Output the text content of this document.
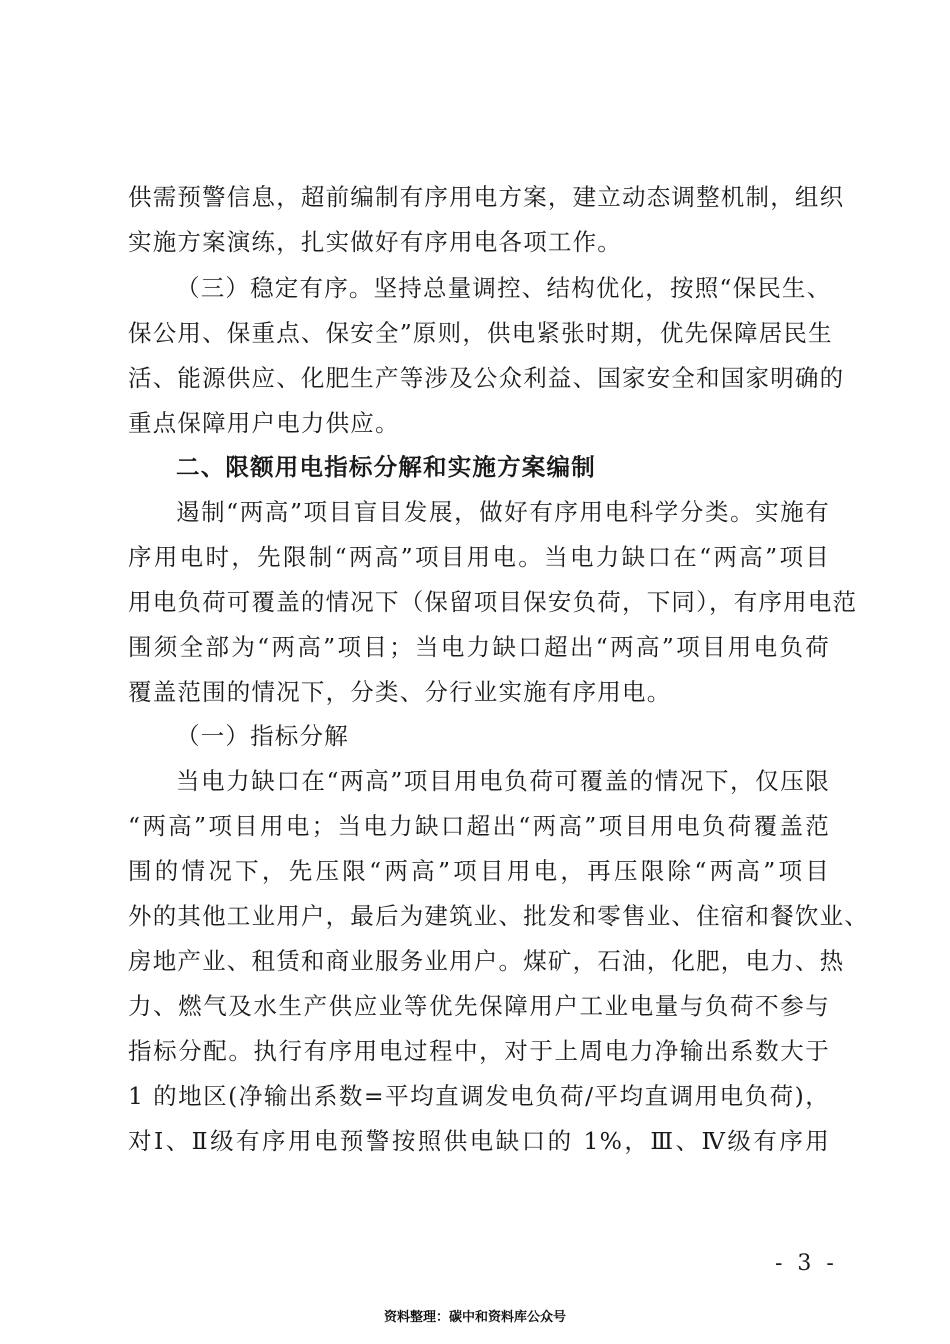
供需预警信息，超前编制有序用电方案，建立动态调整机制，组织
实施方案演练，扎实做好有序用电各项工作。
（三）稳定有序。坚持总量调控、结构优化，按照“保民生、
保公用、保重点、保安全”原则，供电紧张时期，优先保障居民生
活、能源供应、化肥生产等涉及公众利益、国家安全和国家明确的
重点保障用户电力供应。
二、限额用电指标分解和实施方案编制
遏制“两高”项目盲目发展，做好有序用电科学分类。实施有
序用电时，先限制“两高”项目用电。当电力缺口在“两高”项目
用电负荷可覆盖的情况下（保留项目保安负荷，下同），有序用电范
围须全部为“两高”项目；当电力缺口超出“两高”项目用电负荷
覆盖范围的情况下，分类、分行业实施有序用电。
（一）指标分解
当电力缺口在“两高”项目用电负荷可覆盖的情况下，仅压限
“两高”项目用电；当电力缺口超出“两高”项目用电负荷覆盖范
围的情况下，先压限“两高”项目用电，再压限除“两高”项目
外的其他工业用户，最后为建筑业、批发和零售业、住宿和餐饮业、
房地产业、租赁和商业服务业用户。煤矿，石油，化肥，电力、热
力、燃气及水生产供应业等优先保障用户工业电量与负荷不参与
指标分配。执行有序用电过程中，对于上周电力净输出系数大于
1 的地区(净输出系数=平均直调发电负荷/平均直调用电负荷)，
对Ⅰ、Ⅱ级有序用电预警按照供电缺口的 1%，Ⅲ、Ⅳ级有序用
- 3 -
资料整理：碳中和资料库公众号
